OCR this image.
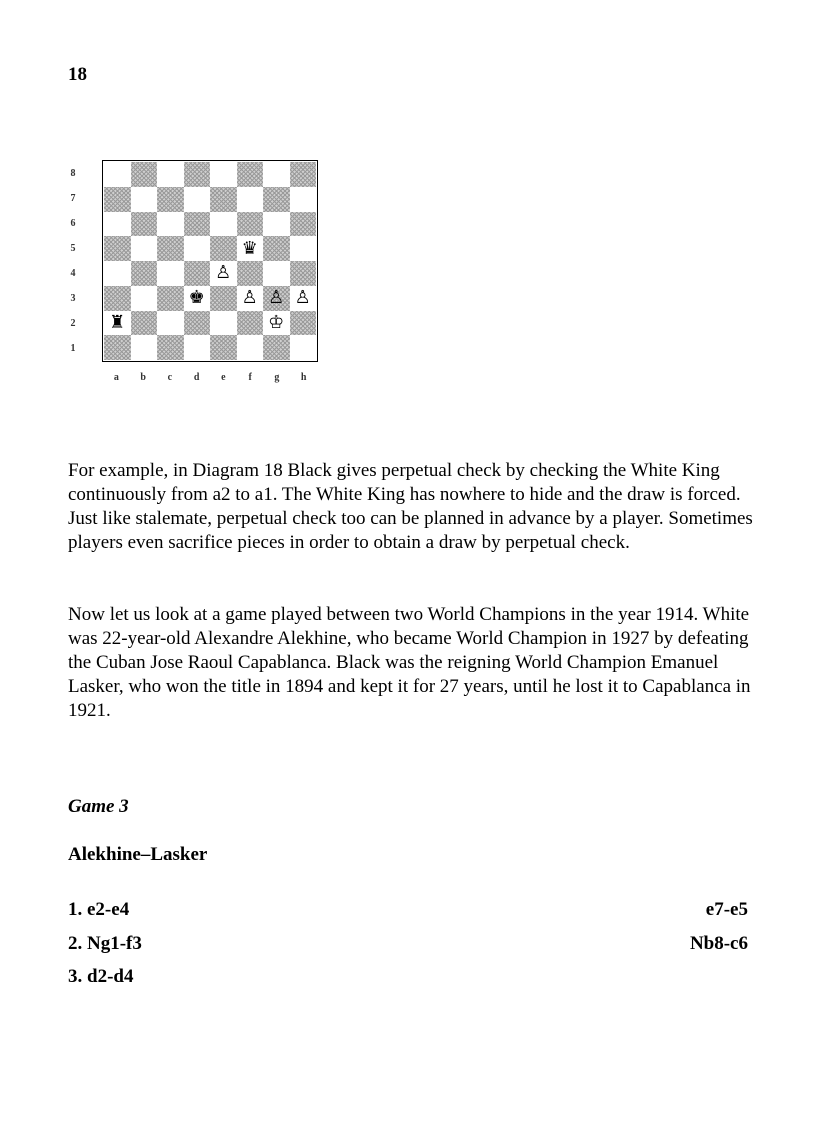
18
8
7
6
5
4
3
2
1
♛
♙
♚ ♙ ♙ ♙
♜	♔
a	b	c	d	e	f	g	h
For example, in Diagram 18 Black gives perpetual check by checking the White King continuously from a2 to a1. The White King has nowhere to hide and the draw is forced. Just like stalemate, perpetual check too can be planned in advance by a player. Sometimes players even sacrifice pieces in order to obtain a draw by perpetual check.
Now let us look at a game played between two World Champions in the year 1914. White was 22-year-old Alexandre Alekhine, who became World Champion in 1927 by defeating the Cuban Jose Raoul Capablanca. Black was the reigning World Champion Emanuel Lasker, who won the title in 1894 and kept it for 27 years, until he lost it to Capablanca in 1921.
Game 3
Alekhine–Lasker
1. e2-e4	e7-e5
2. Ng1-f3	Nb8-c6
3. d2-d4
